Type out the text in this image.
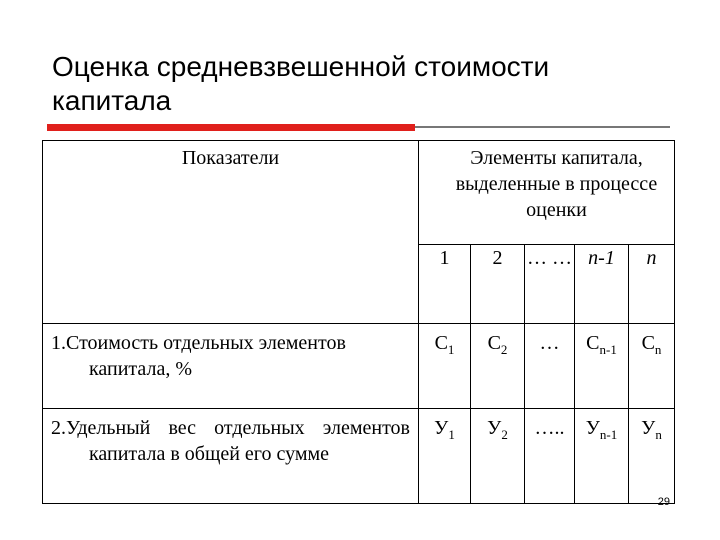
Оценка средневзвешенной стоимости капитала
Показатели	Элементы капитала, выделенные в процессе оценки				

	1	2	… …	n-1	n

1.Стоимость отдельных элементов капитала, %	$С_1$	$С_2$	…	$С_{n-1}$	$С_n$

2.Удельный вес отдельных элементов капитала в общей его сумме	$У_1$	$У_2$	…..	$У_{n-1}$	$У_n$
29
